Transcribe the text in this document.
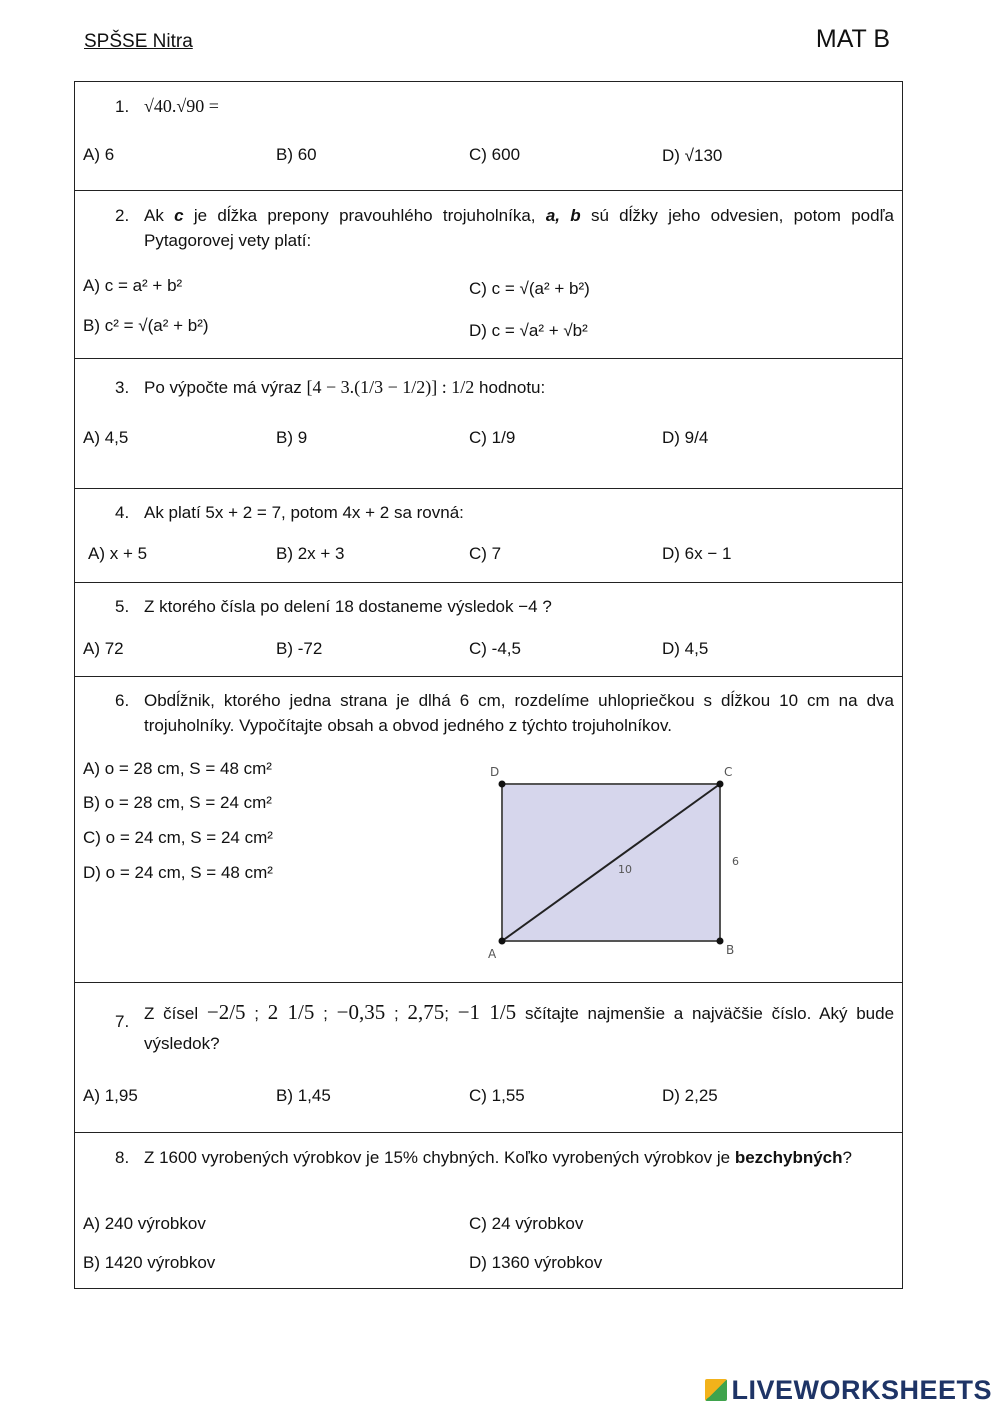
SPŠSE Nitra	MAT B
1. √40.√90 =
A) 6	B) 60	C) 600	D) √130
2. Ak c je dĺžka prepony pravouhlého trojuholníka, a, b sú dĺžky jeho odvesien, potom podľa Pytagorovej vety platí:
A) c = a² + b²
B) c² = √(a² + b²)
C) c = √(a² + b²)
D) c = √a² + √b²
3. Po výpočte má výraz [4 − 3.(1/3 − 1/2)] : 1/2 hodnotu:
A) 4,5	B) 9	C) 1/9	D) 9/4
4. Ak platí 5x + 2 = 7, potom 4x + 2 sa rovná:
A) x + 5	B) 2x + 3	C) 7	D) 6x − 1
5. Z ktorého čísla po delení 18 dostaneme výsledok −4 ?
A) 72	B) -72	C) -4,5	D) 4,5
6. Obdĺžnik, ktorého jedna strana je dlhá 6 cm, rozdelíme uhlopriečkou s dĺžkou 10 cm na dva trojuholníky. Vypočítajte obsah a obvod jedného z týchto trojuholníkov.
A) o = 28 cm, S = 48 cm²
B) o = 28 cm, S = 24 cm²
C) o = 24 cm, S = 24 cm²
D) o = 24 cm, S = 48 cm²
D	C
A	B
10
6
7. Z čísel −2/5 ; 2 1/5 ; −0,35 ; 2,75; −1 1/5 sčítajte najmenšie a najväčšie číslo. Aký bude výsledok?
A) 1,95	B) 1,45	C) 1,55	D) 2,25
8. Z 1600 vyrobených výrobkov je 15% chybných. Koľko vyrobených výrobkov je bezchybných?
A) 240 výrobkov
B) 1420 výrobkov
C) 24 výrobkov
D) 1360 výrobkov
LIVEWORKSHEETS
